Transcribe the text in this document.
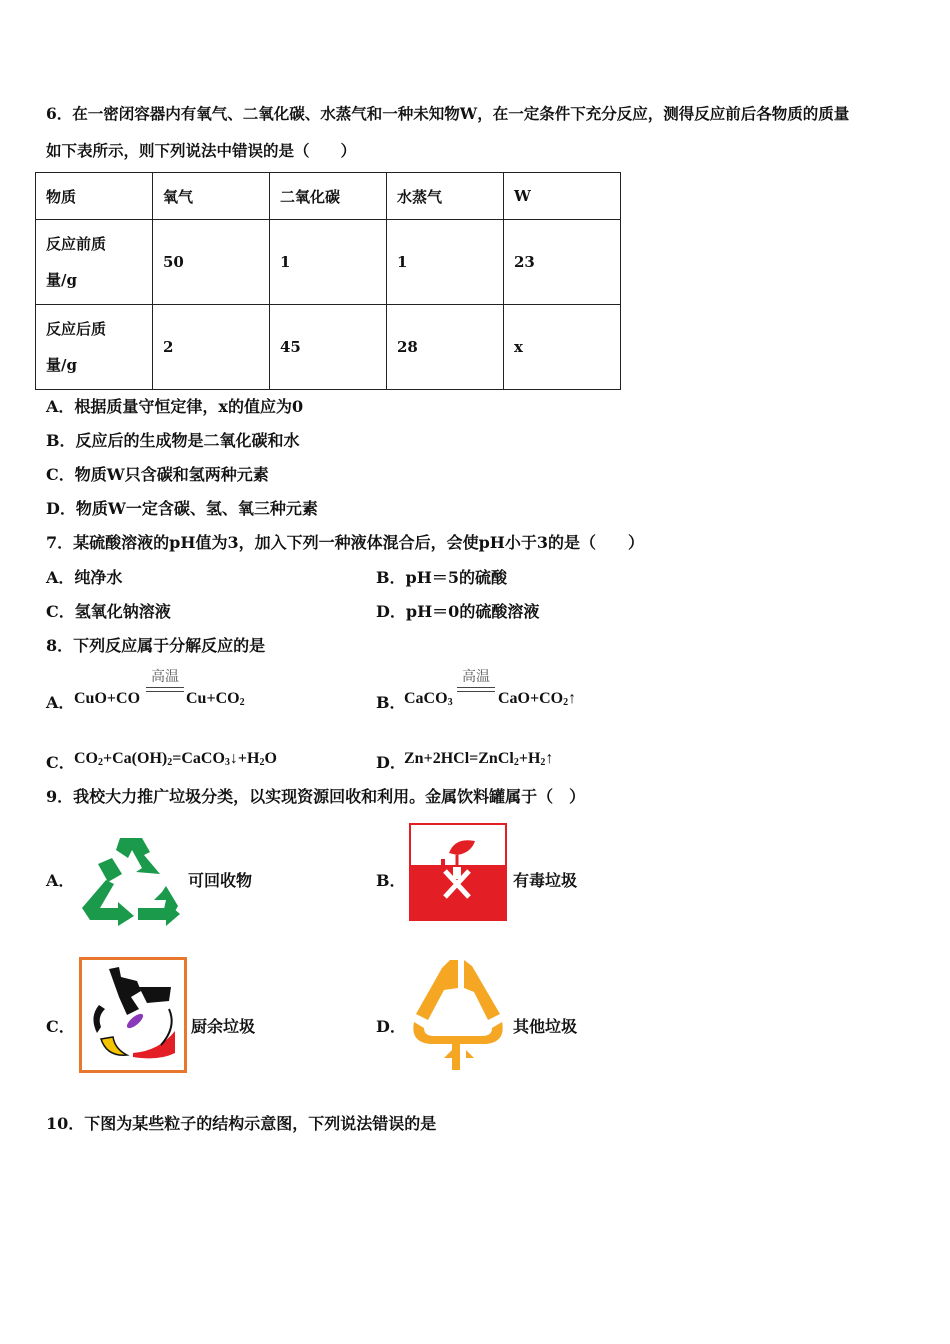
6．在一密闭容器内有氧气、二氧化碳、水蒸气和一种未知物W，在一定条件下充分反应，测得反应前后各物质的质量
如下表所示，则下列说法中错误的是（　　）
物质	氧气	二氧化碳	水蒸气	W
反应前质
量/g	50	1	1	23
反应后质
量/g	2	45	28	x
A．根据质量守恒定律，x的值应为0
B．反应后的生成物是二氧化碳和水
C．物质W只含碳和氢两种元素
D．物质W一定含碳、氢、氧三种元素
7．某硫酸溶液的pH值为3，加入下列一种液体混合后，会使pH小于3的是（　　）
A．纯净水	B．pH＝5的硫酸
C．氢氧化钠溶液	D．pH＝0的硫酸溶液
8．下列反应属于分解反应的是
A． CuO+CO
高温
$Cu+CO_2$	B．
CaCO$_3$
高温
$CaO+CO_2↑$
C． $CO_2+Ca(OH)_2=CaCO_3↓+H_2O$	D．
$Zn+2HCl=ZnCl_2+H_2↑$
9．我校大力推广垃圾分类，以实现资源回收和利用。金属饮料罐属于（　）
A．	可回收物	B．	有毒垃圾
C．	厨余垃圾	D．	其他垃圾
10．下图为某些粒子的结构示意图，下列说法错误的是
